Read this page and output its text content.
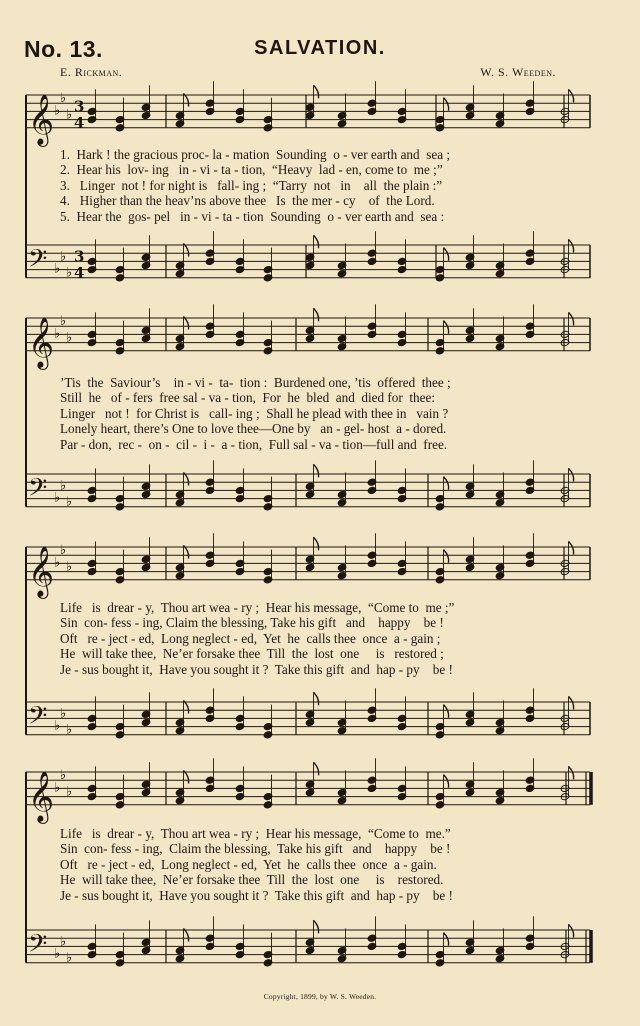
No. 13.	SALVATION.
E. Rickman.	W. S. Weeden.
𝄞 ♭
♭
♭ 3
4
𝄢 ♭
♭
♭
3
4
1.  Hark ! the gracious proc- la - mation  Sounding  o - ver earth and  sea ;
2.  Hear his  lov- ing   in - vi - ta - tion,  “Heavy  lad - en, come to  me ;”
3.   Linger  not ! for night is   fall- ing ;  “Tarry  not   in    all  the plain :”
4.   Higher than the heav’ns above thee   Is  the mer - cy    of  the Lord.
5.  Hear the  gos- pel   in - vi - ta - tion  Sounding  o - ver earth and  sea :
𝄞 ♭
♭
♭
𝄢 ♭
♭
♭
’Tis  the  Saviour’s    in - vi -  ta-  tion :  Burdened one, ’tis  offered  thee ;
Still  he   of - fers  free sal - va - tion,  For  he  bled  and  died for  thee:
Linger   not !  for Christ is   call- ing ;  Shall he plead with thee in   vain ?
Lonely heart, there’s One to love thee—One by   an - gel- host  a - dored.
Par - don,  rec -  on -  cil -  i -  a - tion,  Full sal - va - tion—full and  free.
𝄞 ♭
♭
♭
𝄢 ♭
♭
♭
Life   is  drear - y,  Thou art wea - ry ;  Hear his message,  “Come to  me ;”
Sin  con- fess - ing, Claim the blessing, Take his gift   and    happy    be !
Oft   re - ject - ed,  Long neglect - ed,  Yet  he  calls thee  once  a - gain ;
He  will take thee,  Ne’er forsake thee  Till  the  lost  one     is   restored ;
Je - sus bought it,  Have you sought it ?  Take this gift  and  hap - py    be !
𝄞 ♭
♭
♭
𝄢 ♭
♭
♭
Life   is  drear - y,  Thou art wea - ry ;  Hear his message,  “Come to  me.”
Sin  con- fess - ing,  Claim the blessing,  Take his gift   and    happy    be !
Oft   re - ject - ed,  Long neglect - ed,  Yet  he  calls thee  once  a - gain.
He  will take thee,  Ne’er forsake thee  Till  the  lost  one     is    restored.
Je - sus bought it,  Have you sought it ?  Take this gift  and  hap - py    be !
Copyright, 1899, by W. S. Weeden.
